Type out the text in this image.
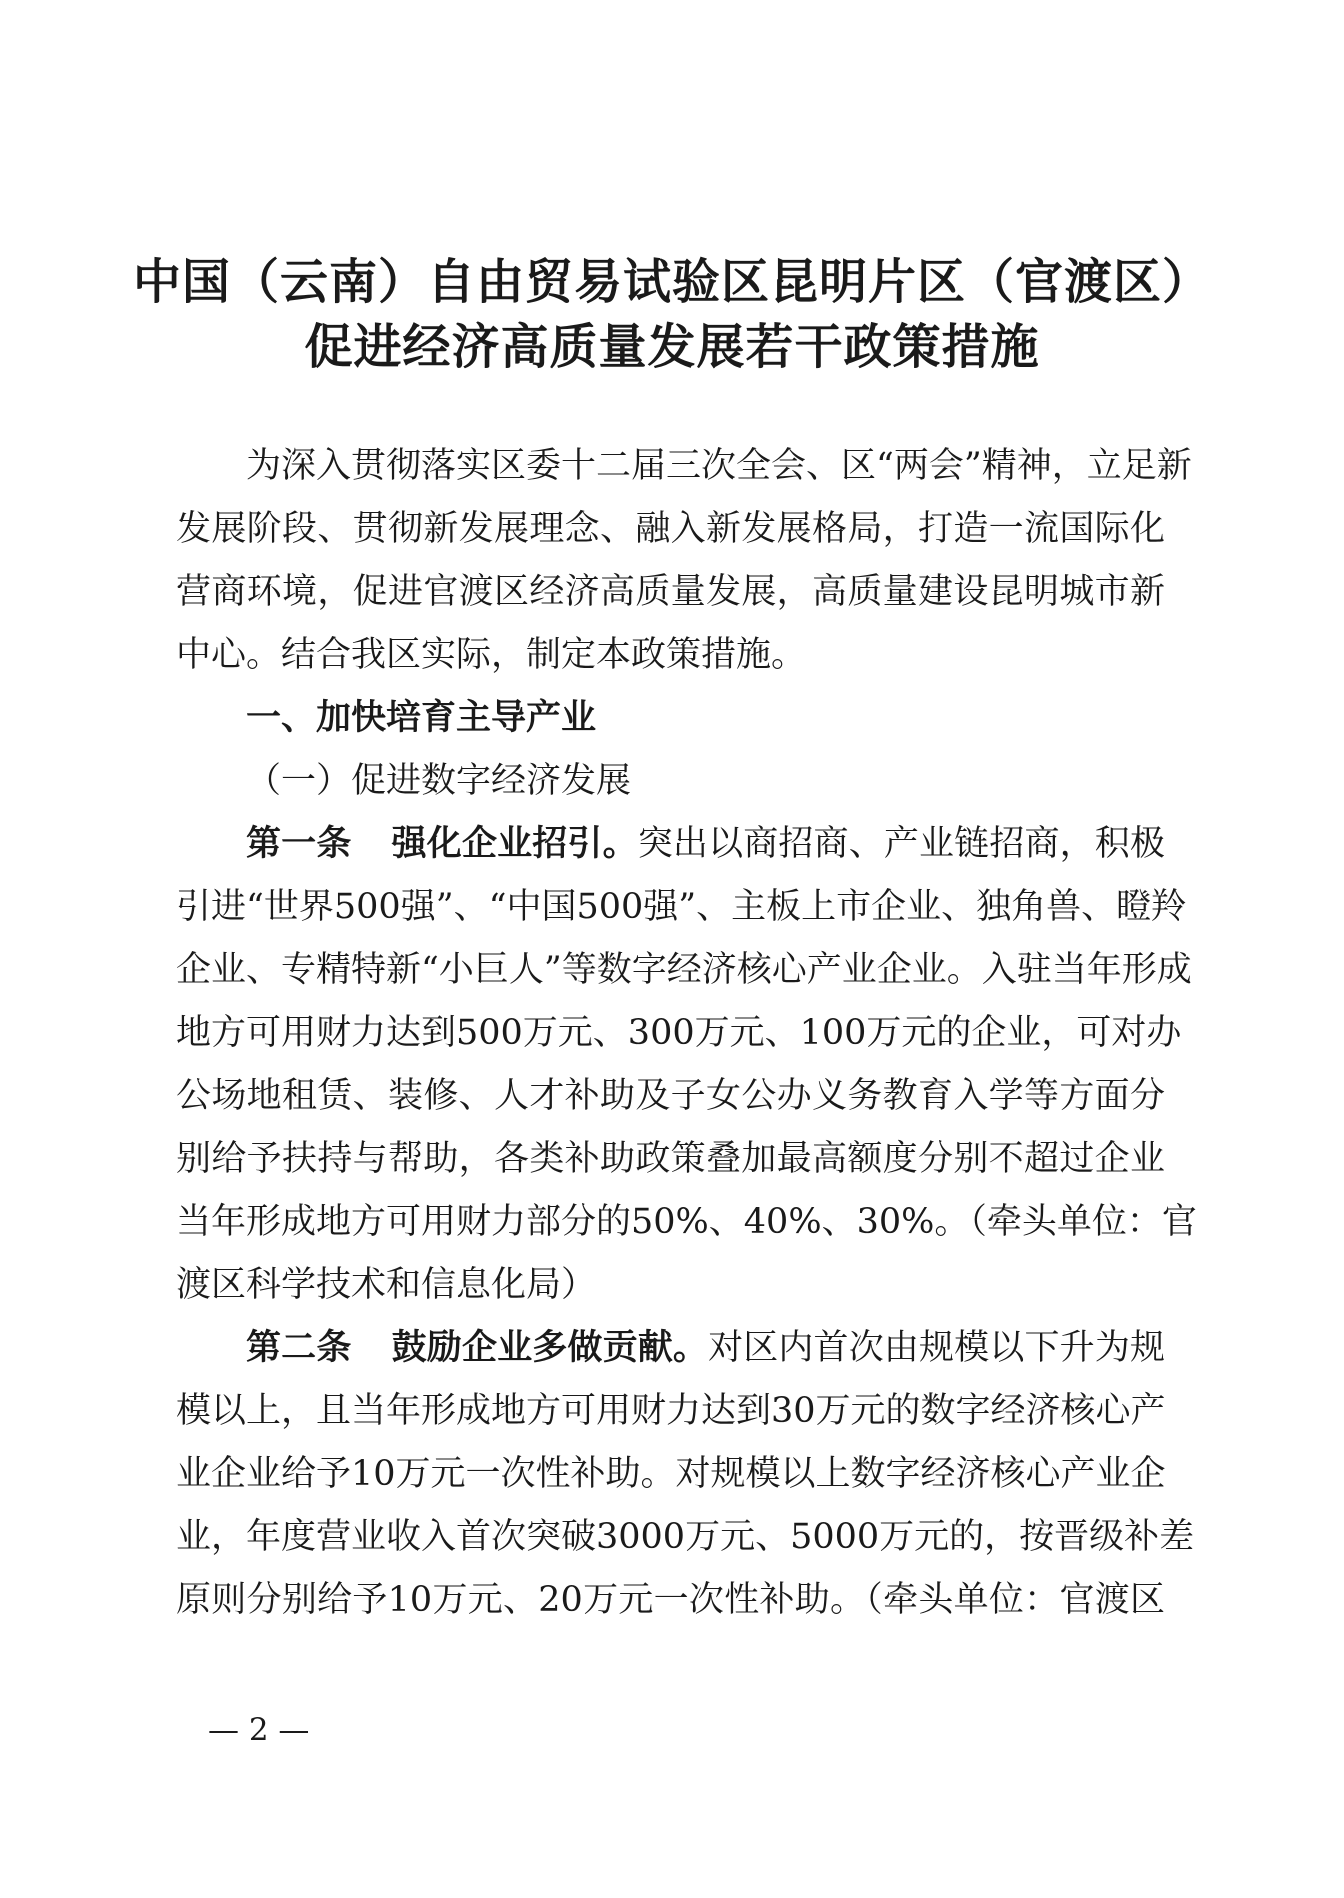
中国（云南）自由贸易试验区昆明片区（官渡区）
促进经济高质量发展若干政策措施
为深入贯彻落实区委十二届三次全会、区“两会”精神，立足新
发展阶段、贯彻新发展理念、融入新发展格局，打造一流国际化
营商环境，促进官渡区经济高质量发展，高质量建设昆明城市新
中心。结合我区实际，制定本政策措施。
一、加快培育主导产业
（一）促进数字经济发展
第一条 强化企业招引。突出以商招商、产业链招商，积极
引进“世界500强”、“中国500强”、主板上市企业、独角兽、瞪羚
企业、专精特新“小巨人”等数字经济核心产业企业。入驻当年形成
地方可用财力达到500万元、300万元、100万元的企业，可对办
公场地租赁、装修、人才补助及子女公办义务教育入学等方面分
别给予扶持与帮助，各类补助政策叠加最高额度分别不超过企业
当年形成地方可用财力部分的50%、40%、30%。（牵头单位：官
渡区科学技术和信息化局）
第二条 鼓励企业多做贡献。对区内首次由规模以下升为规
模以上，且当年形成地方可用财力达到30万元的数字经济核心产
业企业给予10万元一次性补助。对规模以上数字经济核心产业企
业，年度营业收入首次突破3000万元、5000万元的，按晋级补差
原则分别给予10万元、20万元一次性补助。（牵头单位：官渡区
— 2 —
